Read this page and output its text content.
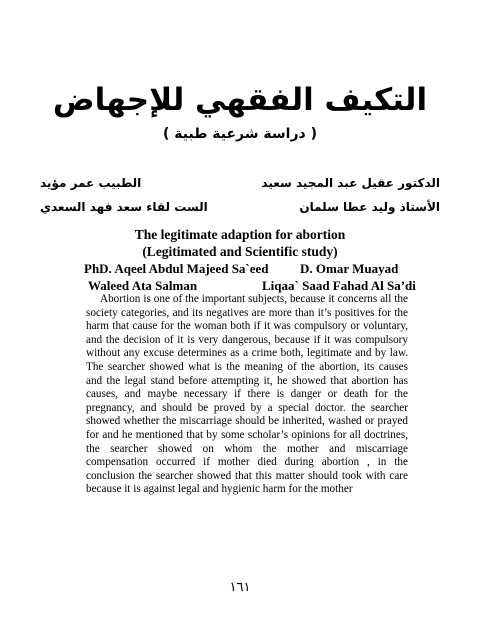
التكيف الفقهي للإجهاض
( دراسة شرعية طبية )
الدكتور عقيل عبد المجيد سعيد
الطبيب عمر مؤيد
الأستاذ وليد عطا سلمان
الست لقاء سعد فهد السعدي
The legitimate adaption for abortion
(Legitimated and Scientific study)
PhD. Aqeel Abdul Majeed Sa`eed D. Omar Muayad
Waleed Ata Salman	Liqaa` Saad Fahad Al Sa’di

Abortion is one of the important subjects, because it concerns all the society categories, and its negatives are more than it’s positives for the harm that cause for the woman both if it was compulsory or voluntary, and the decision of it is very dangerous, because if it was compulsory without any excuse determines as a crime both, legitimate and by law. The searcher showed what is the meaning of the abortion, its causes and the legal stand before attempting it, he showed that abortion has causes, and maybe necessary if there is danger or death for the pregnancy, and should be proved by a special doctor. the searcher showed whether the miscarriage should be inherited, washed or prayed for and he mentioned that by some scholar’s opinions for all doctrines, the searcher showed on whom the mother and miscarriage compensation occurred if mother died during abortion , in the conclusion the searcher showed that this matter should took with care because it is against legal and hygienic harm for the mother

١٦١
